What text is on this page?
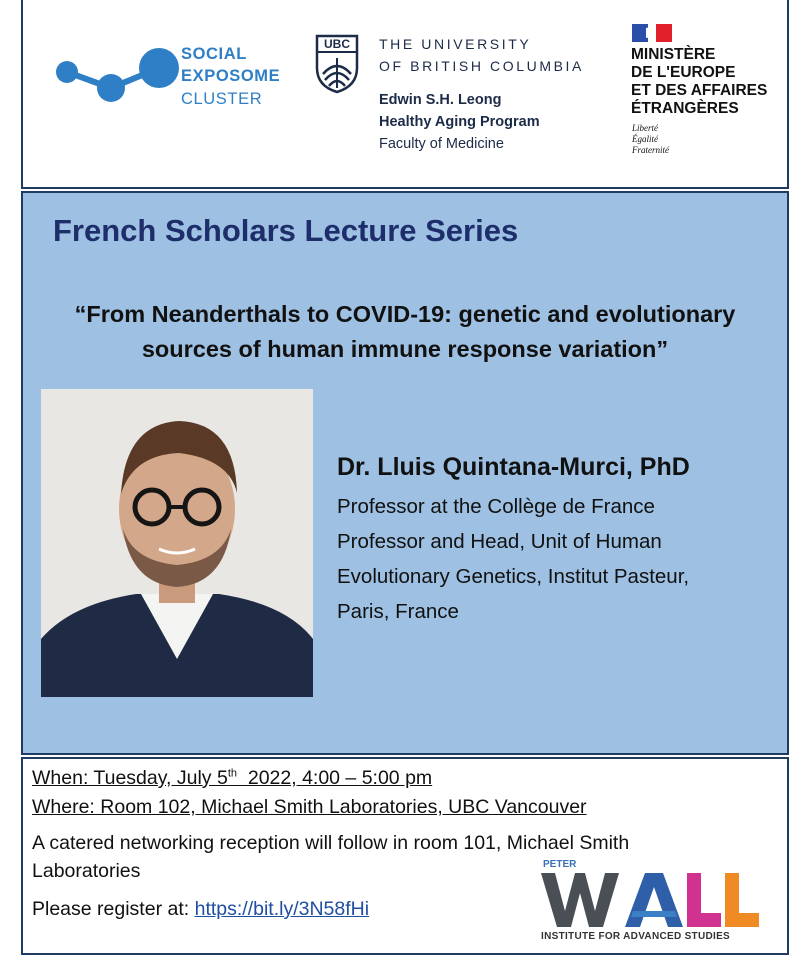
SOCIAL
EXPOSOME
CLUSTER
UBC	THE UNIVERSITY
OF BRITISH COLUMBIA
Edwin S.H. Leong
Healthy Aging Program
Faculty of Medicine
MINISTÈRE
DE L'EUROPE
ET DES AFFAIRES
ÉTRANGÈRES
Liberté
Égalité
Fraternité
French Scholars Lecture Series
“From Neanderthals to COVID-19: genetic and evolutionary
sources of human immune response variation”
Dr. Lluis Quintana-Murci, PhD
Professor at the Collège de France
Professor and Head, Unit of Human
Evolutionary Genetics, Institut Pasteur,
Paris, France
When: Tuesday, July 5th  2022, 4:00 – 5:00 pm
Where: Room 102, Michael Smith Laboratories, UBC Vancouver
A catered networking reception will follow in room 101, Michael Smith
Laboratories
Please register at: https://bit.ly/3N58fHi
PETER
INSTITUTE FOR ADVANCED STUDIES
